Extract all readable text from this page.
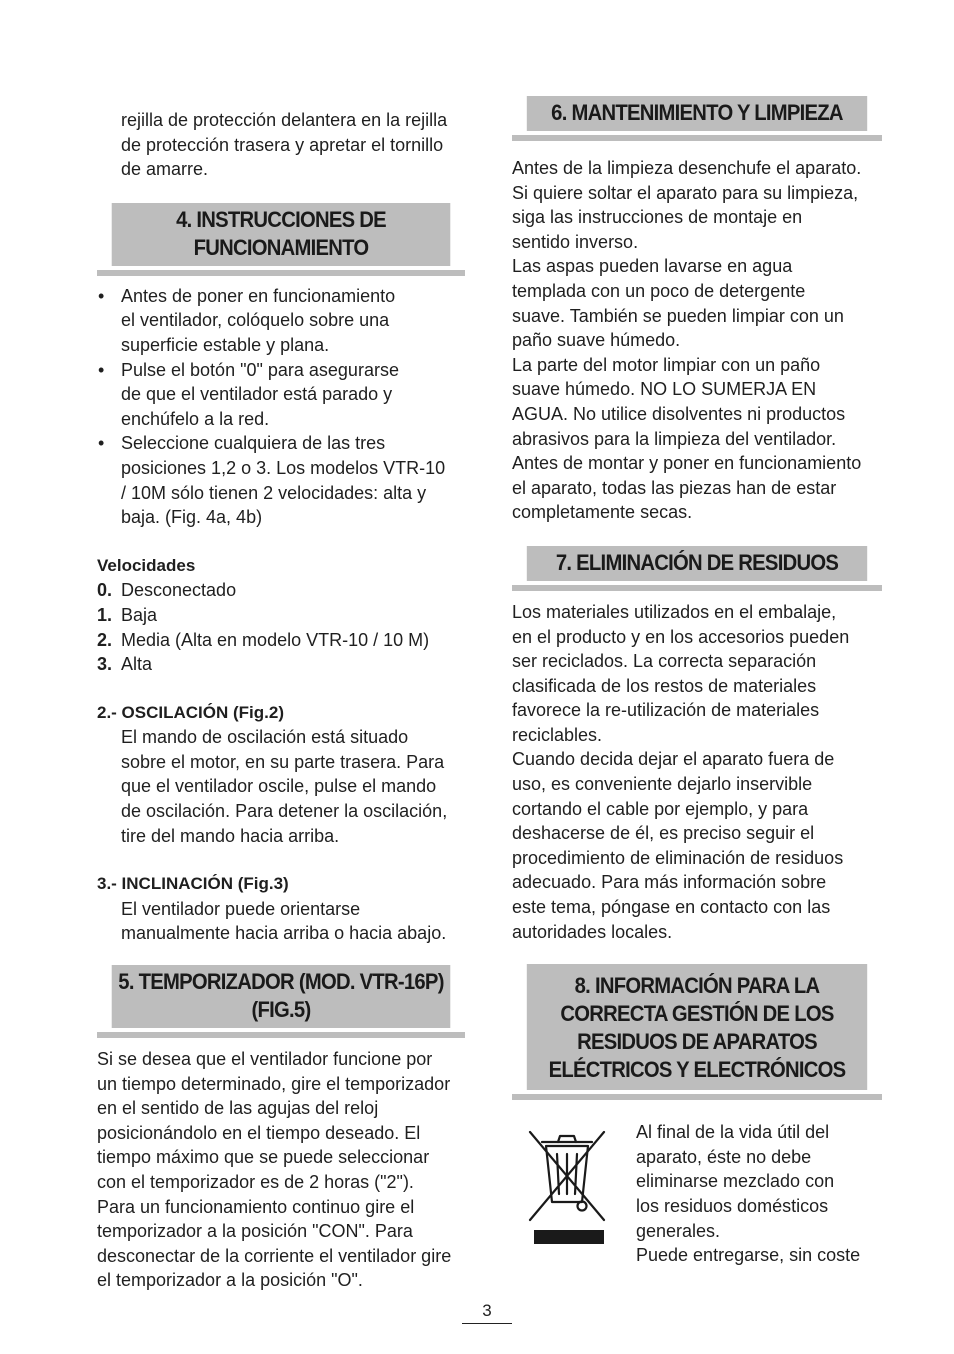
rejilla de protección delantera en la rejilla
de protección trasera y apretar el tornillo
de amarre.
4. INSTRUCCIONES DE
FUNCIONAMIENTO
• Antes de poner en funcionamiento
el ventilador, colóquelo sobre una
superficie estable y plana.
• Pulse el botón "0" para asegurarse
de que el ventilador está parado y
enchúfelo a la red.
• Seleccione cualquiera de las tres
posiciones 1,2 o 3. Los modelos VTR-10
/ 10M sólo tienen 2 velocidades: alta y
baja. (Fig. 4a, 4b)
Velocidades
0. Desconectado
1. Baja
2. Media (Alta en modelo VTR-10 / 10 M)
3. Alta
2.- OSCILACIÓN (Fig.2)
El mando de oscilación está situado
sobre el motor, en su parte trasera. Para
que el ventilador oscile, pulse el mando
de oscilación. Para detener la oscilación,
tire del mando hacia arriba.
3.- INCLINACIÓN (Fig.3)
El ventilador puede orientarse
manualmente hacia arriba o hacia abajo.
5. TEMPORIZADOR (MOD. VTR-16P)
(FIG.5)
Si se desea que el ventilador funcione por
un tiempo determinado, gire el temporizador
en el sentido de las agujas del reloj
posicionándolo en el tiempo deseado. El
tiempo máximo que se puede seleccionar
con el temporizador es de 2 horas ("2").
Para un funcionamiento continuo gire el
temporizador a la posición "CON". Para
desconectar de la corriente el ventilador gire
el temporizador a la posición "O".
6. MANTENIMIENTO Y LIMPIEZA
Antes de la limpieza desenchufe el aparato.
Si quiere soltar el aparato para su limpieza,
siga las instrucciones de montaje en
sentido inverso.
Las aspas pueden lavarse en agua
templada con un poco de detergente
suave. También se pueden limpiar con un
paño suave húmedo.
La parte del motor limpiar con un paño
suave húmedo. NO LO SUMERJA EN
AGUA. No utilice disolventes ni productos
abrasivos para la limpieza del ventilador.
Antes de montar y poner en funcionamiento
el aparato, todas las piezas han de estar
completamente secas.
7. ELIMINACIÓN DE RESIDUOS
Los materiales utilizados en el embalaje,
en el producto y en los accesorios pueden
ser reciclados. La correcta separación
clasificada de los restos de materiales
favorece la re-utilización de materiales
reciclables.
Cuando decida dejar el aparato fuera de
uso, es conveniente dejarlo inservible
cortando el cable por ejemplo, y para
deshacerse de él, es preciso seguir el
procedimiento de eliminación de residuos
adecuado. Para más información sobre
este tema, póngase en contacto con las
autoridades locales.
8. INFORMACIÓN PARA LA
CORRECTA GESTIÓN DE LOS
RESIDUOS DE APARATOS
ELÉCTRICOS Y ELECTRÓNICOS
Al final de la vida útil del
aparato, éste no debe
eliminarse mezclado con
los residuos domésticos
generales.
Puede entregarse, sin coste
3
